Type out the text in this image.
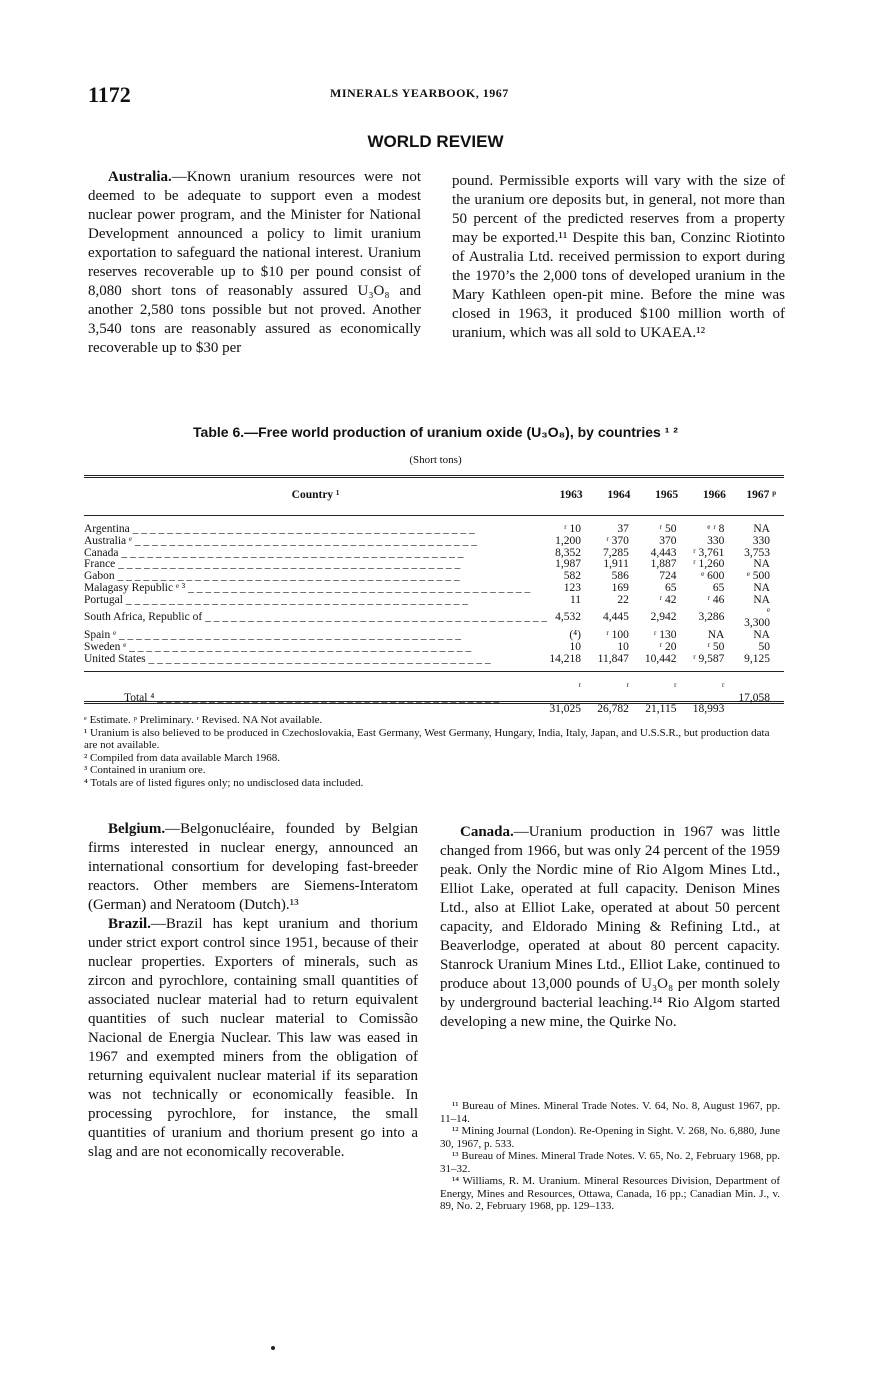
1172	MINERALS YEARBOOK, 1967
WORLD REVIEW

Australia.—Known uranium resources were not deemed to be adequate to support even a modest nuclear power program, and the Minister for National Development announced a policy to limit uranium exportation to safeguard the national interest. Uranium reserves recoverable up to $10 per pound consist of 8,080 short tons of reasonably assured U₃O₈ and another 2,580 tons possible but not proved. Another 3,540 tons are reasonably assured as economically recoverable up to $30 per

pound. Permissible exports will vary with the size of the uranium ore deposits but, in general, not more than 50 percent of the predicted reserves from a property may be exported.¹¹ Despite this ban, Conzinc Riotinto of Australia Ltd. received permission to export during the 1970’s the 2,000 tons of developed uranium in the Mary Kathleen open-pit mine. Before the mine was closed in 1963, it produced $100 million worth of uranium, which was all sold to UKAEA.¹²

Table 6.—Free world production of uranium oxide (U₃O₈), by countries ¹ ²
(Short tons)
Country ¹	1963	1964	1965	1966	1967 ᵖ

Argentina _ _ _ _ _ _ _ _ _ _ _ _ _ _ _ _ _ _ _ _ _ _ _ _ _ _ _ _ _ _ _ _ _ _ _ _ _ _ _ _	ʳ 10	37	ʳ 50	ᵉ ʳ 8	NA
Australia ᵉ _ _ _ _ _ _ _ _ _ _ _ _ _ _ _ _ _ _ _ _ _ _ _ _ _ _ _ _ _ _ _ _ _ _ _ _ _ _ _ _	1,200	ʳ 370	370	330	330
Canada _ _ _ _ _ _ _ _ _ _ _ _ _ _ _ _ _ _ _ _ _ _ _ _ _ _ _ _ _ _ _ _ _ _ _ _ _ _ _ _	8,352	7,285	4,443	ʳ 3,761	3,753
France _ _ _ _ _ _ _ _ _ _ _ _ _ _ _ _ _ _ _ _ _ _ _ _ _ _ _ _ _ _ _ _ _ _ _ _ _ _ _ _	1,987	1,911	1,887	ʳ 1,260	NA
Gabon _ _ _ _ _ _ _ _ _ _ _ _ _ _ _ _ _ _ _ _ _ _ _ _ _ _ _ _ _ _ _ _ _ _ _ _ _ _ _ _	582	586	724	ᵉ 600	ᵉ 500
Malagasy Republic ᵉ ³ _ _ _ _ _ _ _ _ _ _ _ _ _ _ _ _ _ _ _ _ _ _ _ _ _ _ _ _ _ _ _ _ _ _ _ _ _ _ _ _	123	169	65	65	NA
Portugal _ _ _ _ _ _ _ _ _ _ _ _ _ _ _ _ _ _ _ _ _ _ _ _ _ _ _ _ _ _ _ _ _ _ _ _ _ _ _ _	11	22	ʳ 42	ʳ 46	NA
South Africa, Republic of _ _ _ _ _ _ _ _ _ _ _ _ _ _ _ _ _ _ _ _ _ _ _ _ _ _ _ _ _ _ _ _ _ _ _ _ _ _ _ _	4,532	4,445	2,942	3,286	ᵉ 3,300
Spain ᵉ _ _ _ _ _ _ _ _ _ _ _ _ _ _ _ _ _ _ _ _ _ _ _ _ _ _ _ _ _ _ _ _ _ _ _ _ _ _ _ _	(⁴)	ʳ 100	ʳ 130	NA	NA
Sweden ᵉ _ _ _ _ _ _ _ _ _ _ _ _ _ _ _ _ _ _ _ _ _ _ _ _ _ _ _ _ _ _ _ _ _ _ _ _ _ _ _ _	10	10	ʳ 20	ʳ 50	50
United States _ _ _ _ _ _ _ _ _ _ _ _ _ _ _ _ _ _ _ _ _ _ _ _ _ _ _ _ _ _ _ _ _ _ _ _ _ _ _ _	14,218	11,847	10,442	ʳ 9,587	9,125

Total ⁴ _ _ _ _ _ _ _ _ _ _ _ _ _ _ _ _ _ _ _ _ _ _ _ _ _ _ _ _ _ _ _ _ _ _ _ _ _ _ _ _	ʳ 31,025	ʳ 26,782	ʳ 21,115	ʳ 18,993	17,058
ᵉ Estimate. ᵖ Preliminary. ʳ Revised. NA Not available.
¹ Uranium is also believed to be produced in Czechoslovakia, East Germany, West Germany, Hungary, India, Italy, Japan, and U.S.S.R., but production data are not available.
² Compiled from data available March 1968.
³ Contained in uranium ore.
⁴ Totals are of listed figures only; no undisclosed data included.

Belgium.—Belgonucléaire, founded by Belgian firms interested in nuclear energy, announced an international consortium for developing fast-breeder reactors. Other members are Siemens-Interatom (German) and Neratoom (Dutch).¹³

Brazil.—Brazil has kept uranium and thorium under strict export control since 1951, because of their nuclear properties. Exporters of minerals, such as zircon and pyrochlore, containing small quantities of associated nuclear material had to return equivalent quantities of such nuclear material to Comissão Nacional de Energia Nuclear. This law was eased in 1967 and exempted miners from the obligation of returning equivalent nuclear material if its separation was not technically or economically feasible. In processing pyrochlore, for instance, the small quantities of uranium and thorium present go into a slag and are not economically recoverable.

Canada.—Uranium production in 1967 was little changed from 1966, but was only 24 percent of the 1959 peak. Only the Nordic mine of Rio Algom Mines Ltd., Elliot Lake, operated at full capacity. Denison Mines Ltd., also at Elliot Lake, operated at about 50 percent capacity, and Eldorado Mining & Refining Ltd., at Beaverlodge, operated at about 80 percent capacity. Stanrock Uranium Mines Ltd., Elliot Lake, continued to produce about 13,000 pounds of U₃O₈ per month solely by underground bacterial leaching.¹⁴ Rio Algom started developing a new mine, the Quirke No.

¹¹ Bureau of Mines. Mineral Trade Notes. V. 64, No. 8, August 1967, pp. 11–14.
¹² Mining Journal (London). Re-Opening in Sight. V. 268, No. 6,880, June 30, 1967, p. 533.
¹³ Bureau of Mines. Mineral Trade Notes. V. 65, No. 2, February 1968, pp. 31–32.
¹⁴ Williams, R. M. Uranium. Mineral Resources Division, Department of Energy, Mines and Resources, Ottawa, Canada, 16 pp.; Canadian Min. J., v. 89, No. 2, February 1968, pp. 129–133.
